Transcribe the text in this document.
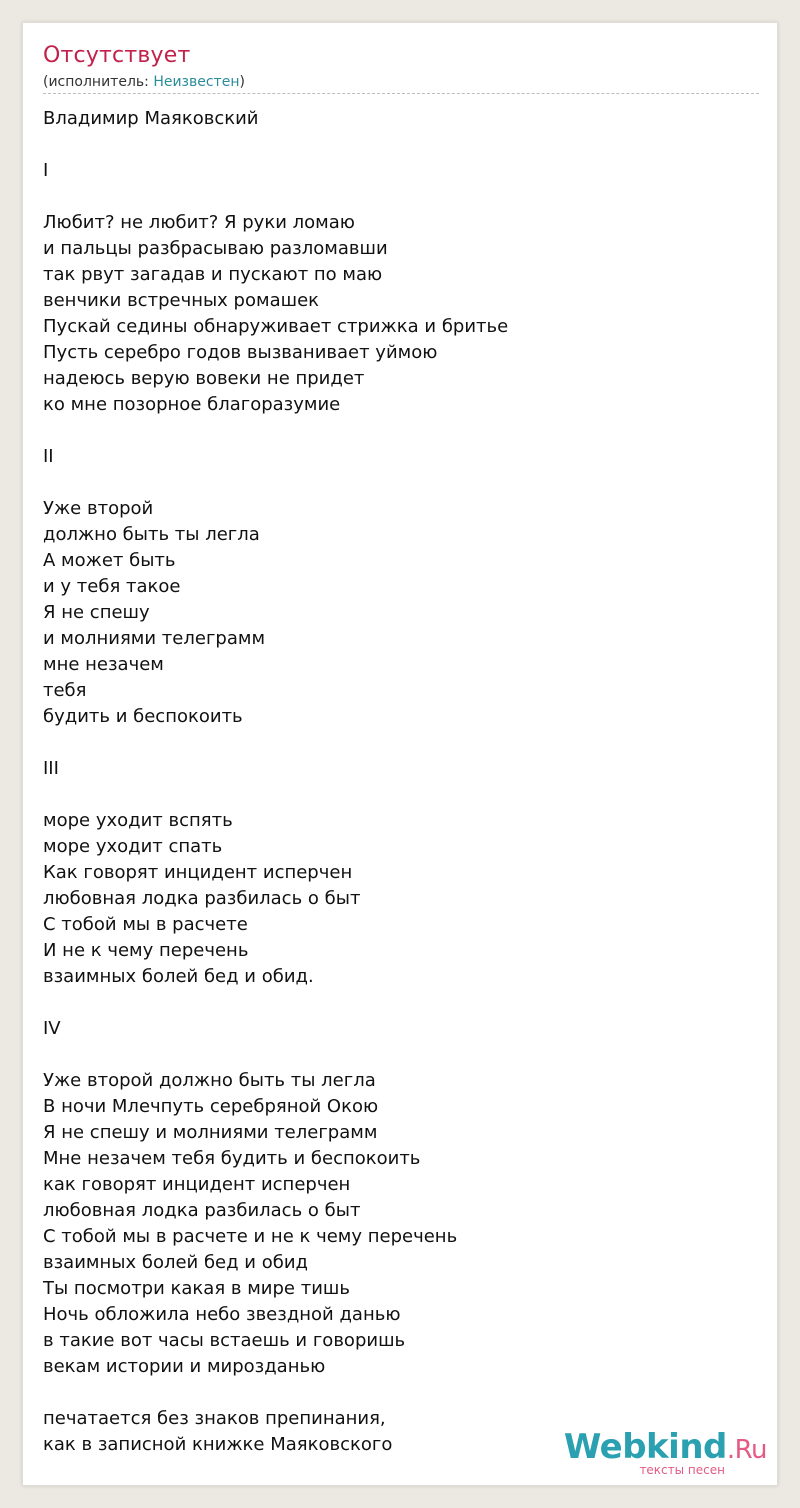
Отсутствует
(исполнитель: Неизвестен)
Владимир Маяковский
I
Любит? не любит? Я руки ломаю
и пальцы разбрасываю разломавши
так рвут загадав и пускают по маю
венчики встречных ромашек
Пускай седины обнаруживает стрижка и бритье
Пусть серебро годов вызванивает уймою
надеюсь верую вовеки не придет
ко мне позорное благоразумие
II
Уже второй
должно быть ты легла
А может быть
и у тебя такое
Я не спешу
и молниями телеграмм
мне незачем
тебя
будить и беспокоить
III
море уходит вспять
море уходит спать
Как говорят инцидент исперчен
любовная лодка разбилась о быт
С тобой мы в расчете
И не к чему перечень
взаимных болей бед и обид.
IV
Уже второй должно быть ты легла
В ночи Млечпуть серебряной Окою
Я не спешу и молниями телеграмм
Мне незачем тебя будить и беспокоить
как говорят инцидент исперчен
любовная лодка разбилась о быт
С тобой мы в расчете и не к чему перечень
взаимных болей бед и обид
Ты посмотри какая в мире тишь
Ночь обложила небо звездной данью
в такие вот часы встаешь и говоришь
векам истории и мирозданью
печатается без знаков препинания,
как в записной книжке Маяковского	Webkind.Ru
тексты песен
